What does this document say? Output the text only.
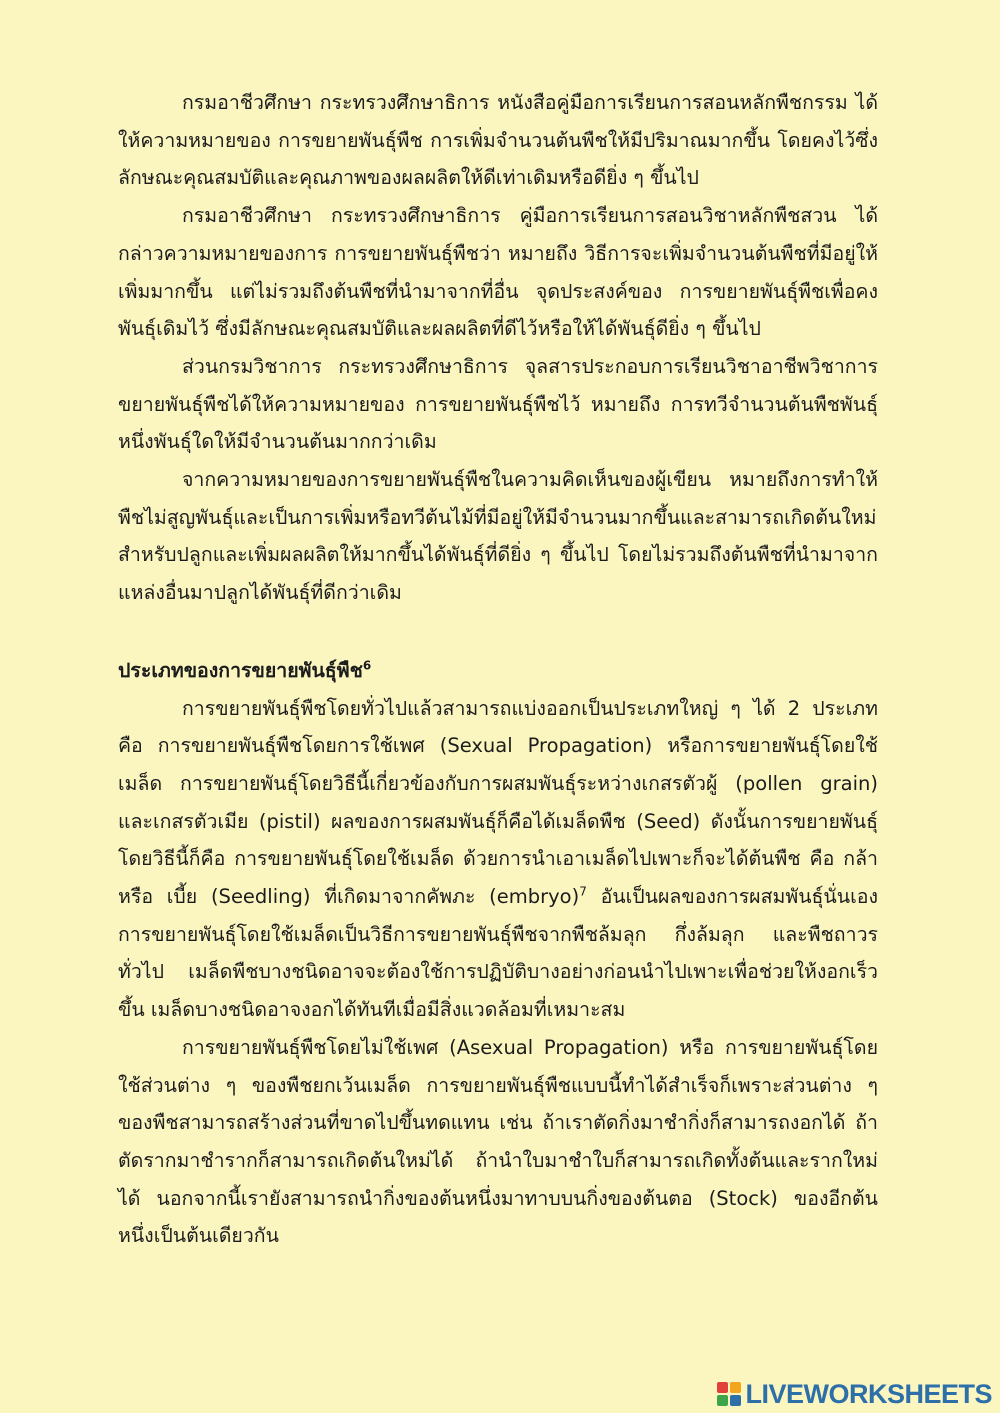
กรมอาชีวศึกษา กระทรวงศึกษาธิการ หนังสือคู่มือการเรียนการสอนหลักพืชกรรม ได้ให้ความหมายของ การขยายพันธุ์พืช การเพิ่มจำนวนต้นพืชให้มีปริมาณมากขึ้น โดยคงไว้ซึ่งลักษณะคุณสมบัติและคุณภาพของผลผลิตให้ดีเท่าเดิมหรือดียิ่ง ๆ ขึ้นไป

กรมอาชีวศึกษา กระทรวงศึกษาธิการ คู่มือการเรียนการสอนวิชาหลักพืชสวน ได้กล่าวความหมายของการ การขยายพันธุ์พืชว่า หมายถึง วิธีการจะเพิ่มจำนวนต้นพืชที่มีอยู่ให้เพิ่มมากขึ้น แต่ไม่รวมถึงต้นพืชที่นำมาจากที่อื่น จุดประสงค์ของ การขยายพันธุ์พืชเพื่อคงพันธุ์เดิมไว้ ซึ่งมีลักษณะคุณสมบัติและผลผลิตที่ดีไว้หรือให้ได้พันธุ์ดียิ่ง ๆ ขึ้นไป

ส่วนกรมวิชาการ กระทรวงศึกษาธิการ จุลสารประกอบการเรียนวิชาอาชีพวิชาการขยายพันธุ์พืชได้ให้ความหมายของ การขยายพันธุ์พืชไว้ หมายถึง การทวีจำนวนต้นพืชพันธุ์หนึ่งพันธุ์ใดให้มีจำนวนต้นมากกว่าเดิม

จากความหมายของการขยายพันธุ์พืชในความคิดเห็นของผู้เขียน หมายถึงการทำให้พืชไม่สูญพันธุ์และเป็นการเพิ่มหรือทวีต้นไม้ที่มีอยู่ให้มีจำนวนมากขึ้นและสามารถเกิดต้นใหม่สำหรับปลูกและเพิ่มผลผลิตให้มากขึ้นได้พันธุ์ที่ดียิ่ง ๆ ขึ้นไป โดยไม่รวมถึงต้นพืชที่นำมาจากแหล่งอื่นมาปลูกได้พันธุ์ที่ดีกว่าเดิม

ประเภทของการขยายพันธุ์พืช$^6$

การขยายพันธุ์พืชโดยทั่วไปแล้วสามารถแบ่งออกเป็นประเภทใหญ่ ๆ ได้ 2 ประเภท คือ การขยายพันธุ์พืชโดยการใช้เพศ (Sexual Propagation) หรือการขยายพันธุ์โดยใช้เมล็ด การขยายพันธุ์โดยวิธีนี้เกี่ยวข้องกับการผสมพันธุ์ระหว่างเกสรตัวผู้ (pollen grain) และเกสรตัวเมีย (pistil) ผลของการผสมพันธุ์ก็คือได้เมล็ดพืช (Seed) ดังนั้นการขยายพันธุ์โดยวิธีนี้ก็คือ การขยายพันธุ์โดยใช้เมล็ด ด้วยการนำเอาเมล็ดไปเพาะก็จะได้ต้นพืช คือ กล้า หรือ เบี้ย (Seedling) ที่เกิดมาจากคัพภะ (embryo)$^7$ อันเป็นผลของการผสมพันธุ์นั่นเอง การขยายพันธุ์โดยใช้เมล็ดเป็นวิธีการขยายพันธุ์พืชจากพืชล้มลุก กึ่งล้มลุก และพืชถาวรทั่วไป เมล็ดพืชบางชนิดอาจจะต้องใช้การปฏิบัติบางอย่างก่อนนำไปเพาะเพื่อช่วยให้งอกเร็วขึ้น เมล็ดบางชนิดอาจงอกได้ทันทีเมื่อมีสิ่งแวดล้อมที่เหมาะสม

การขยายพันธุ์พืชโดยไม่ใช้เพศ (Asexual Propagation) หรือ การขยายพันธุ์โดยใช้ส่วนต่าง ๆ ของพืชยกเว้นเมล็ด การขยายพันธุ์พืชแบบนี้ทำได้สำเร็จก็เพราะส่วนต่าง ๆ ของพืชสามารถสร้างส่วนที่ขาดไปขึ้นทดแทน เช่น ถ้าเราตัดกิ่งมาชำกิ่งก็สามารถงอกได้ ถ้าตัดรากมาชำรากก็สามารถเกิดต้นใหม่ได้ ถ้านำใบมาชำใบก็สามารถเกิดทั้งต้นและรากใหม่ได้ นอกจากนี้เรายังสามารถนำกิ่งของต้นหนึ่งมาทาบบนกิ่งของต้นตอ (Stock) ของอีกต้นหนึ่งเป็นต้นเดียวกัน

LIVEWORKSHEETS
